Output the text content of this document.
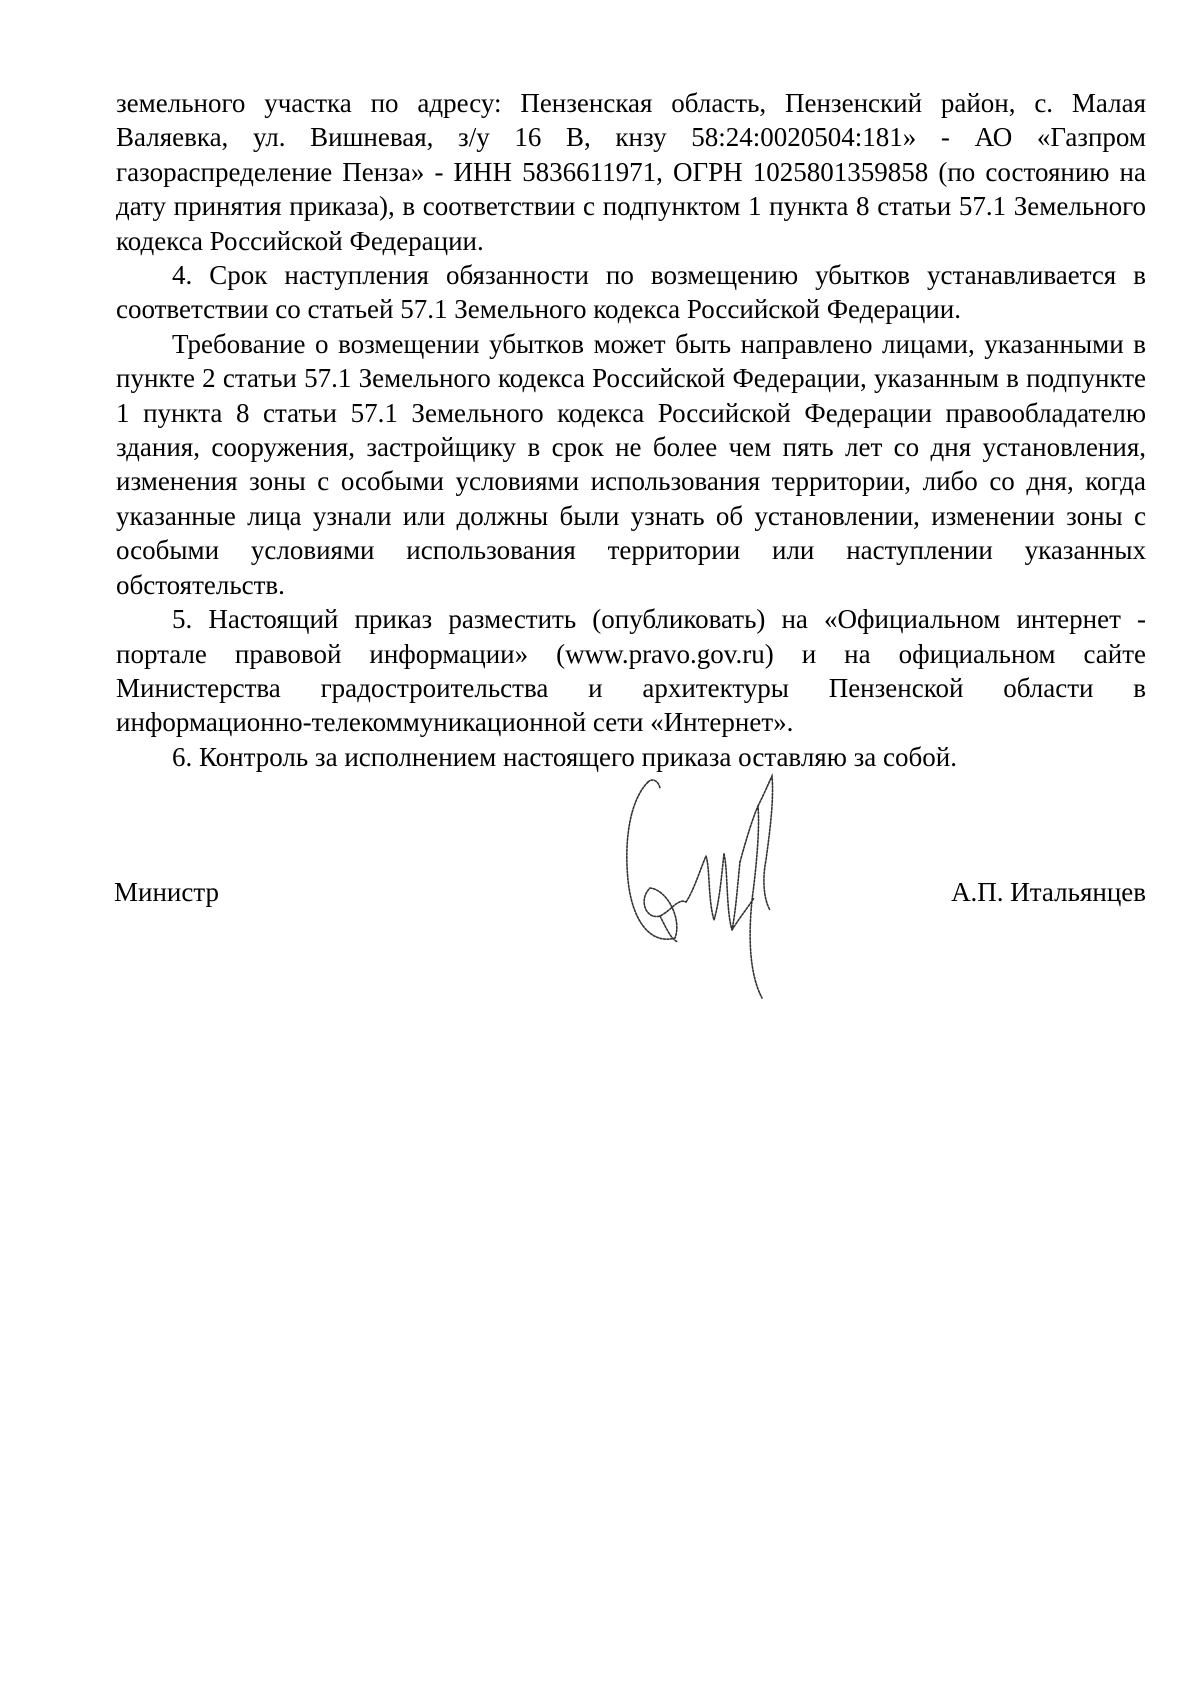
земельного участка по адресу: Пензенская область, Пензенский район, с. Малая Валяевка, ул. Вишневая, з/у 16 В, кнзу 58:24:0020504:181» - АО «Газпром газораспределение Пенза» - ИНН 5836611971, ОГРН 1025801359858 (по состоянию на дату принятия приказа), в соответствии с подпунктом 1 пункта 8 статьи 57.1 Земельного кодекса Российской Федерации.

4. Срок наступления обязанности по возмещению убытков устанавливается в соответствии со статьей 57.1 Земельного кодекса Российской Федерации.

Требование о возмещении убытков может быть направлено лицами, указанными в пункте 2 статьи 57.1 Земельного кодекса Российской Федерации, указанным в подпункте 1 пункта 8 статьи 57.1 Земельного кодекса Российской Федерации правообладателю здания, сооружения, застройщику в срок не более чем пять лет со дня установления, изменения зоны с особыми условиями использования территории, либо со дня, когда указанные лица узнали или должны были узнать об установлении, изменении зоны с особыми условиями использования территории или наступлении указанных обстоятельств.

5. Настоящий приказ разместить (опубликовать) на «Официальном интернет - портале правовой информации» (www.pravo.gov.ru) и на официальном сайте Министерства градостроительства и архитектуры Пензенской области в информационно-телекоммуникационной сети «Интернет».

6. Контроль за исполнением настоящего приказа оставляю за собой.

Министр	А.П. Итальянцев
